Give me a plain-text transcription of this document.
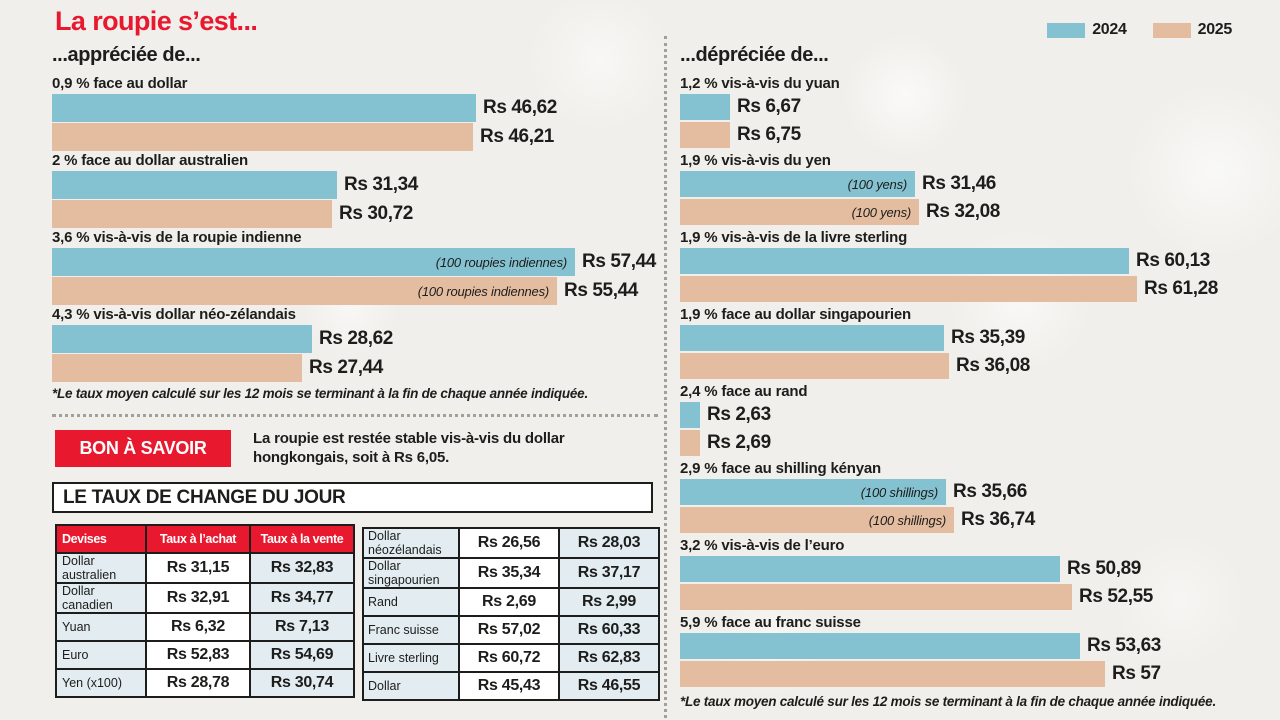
La roupie s’est...	2024	2025
...appréciée de...	...dépréciée de...
0,9 % face au dollar
Rs 46,62
Rs 46,21
2 % face au dollar australien
Rs 31,34
Rs 30,72
3,6 % vis-à-vis de la roupie indienne
(100 roupies indiennes) Rs 57,44
(100 roupies indiennes) Rs 55,44
4,3 % vis-à-vis dollar néo-zélandais
Rs 28,62
Rs 27,44
1,2 % vis-à-vis du yuan
Rs 6,67
Rs 6,75
1,9 % vis-à-vis du yen
(100 yens) Rs 31,46
(100 yens) Rs 32,08
1,9 % vis-à-vis de la livre sterling
Rs 60,13
Rs 61,28
1,9 % face au dollar singapourien
Rs 35,39
Rs 36,08
2,4 % face au rand
Rs 2,63
Rs 2,69
2,9 % face au shilling kényan
(100 shillings) Rs 35,66
(100 shillings) Rs 36,74
3,2 % vis-à-vis de l’euro
Rs 50,89
Rs 52,55
5,9 % face au franc suisse
Rs 53,63
Rs 57
*Le taux moyen calculé sur les 12 mois se terminant à la fin de chaque année indiquée.
*Le taux moyen calculé sur les 12 mois se terminant à la fin de chaque année indiquée.
BON À SAVOIR	La roupie est restée stable vis-à-vis du dollar hongkongais, soit à Rs 6,05.
LE TAUX DE CHANGE DU JOUR
Devises	Taux à l’achat	Taux à la vente
Dollar australien	Rs 31,15	Rs 32,83
Dollar canadien	Rs 32,91	Rs 34,77
Yuan	Rs 6,32	Rs 7,13
Euro	Rs 52,83	Rs 54,69
Yen (x100)	Rs 28,78	Rs 30,74
Dollar néozélandais	Rs 26,56	Rs 28,03
Dollar singapourien	Rs 35,34	Rs 37,17
Rand	Rs 2,69	Rs 2,99
Franc suisse	Rs 57,02	Rs 60,33
Livre sterling	Rs 60,72	Rs 62,83
Dollar	Rs 45,43	Rs 46,55
